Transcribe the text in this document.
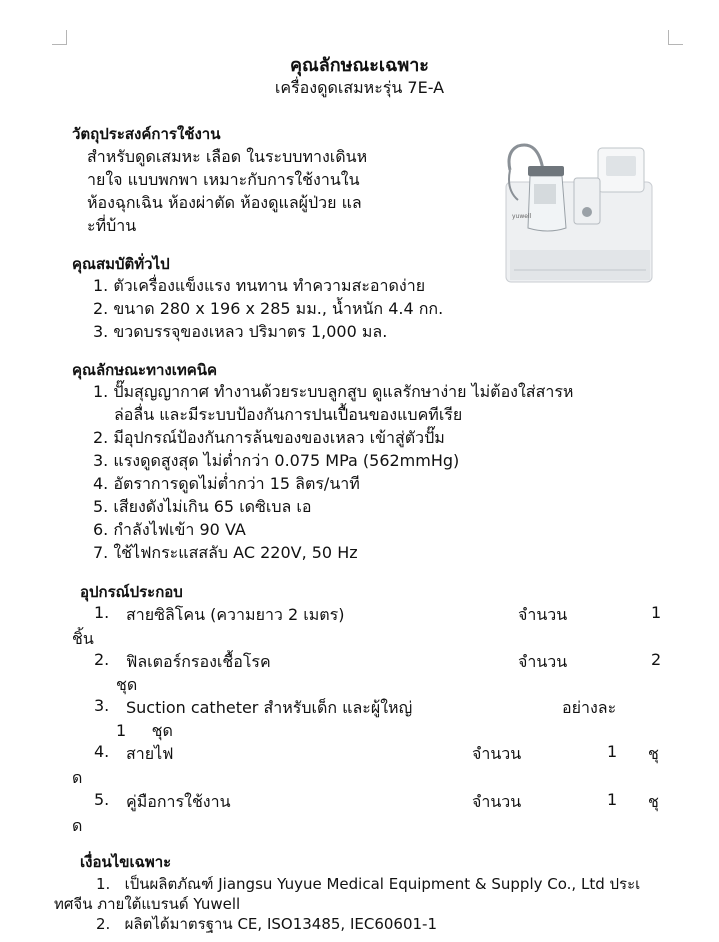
คุณลักษณะเฉพาะ
เครื่องดูดเสมหะรุ่น 7E-A
วัตถุประสงค์การใช้งาน
สำหรับดูดเสมหะ เลือด ในระบบทางเดินห
ายใจ แบบพกพา เหมาะกับการใช้งานใน
ห้องฉุกเฉิน ห้องผ่าตัด ห้องดูแลผู้ป่วย แล
ะที่บ้าน	yuwell
คุณสมบัติทั่วไป
1. ตัวเครื่องแข็งแรง ทนทาน ทำความสะอาดง่าย
2. ขนาด 280 x 196 x 285 มม., น้ำหนัก 4.4 กก.
3. ขวดบรรจุของเหลว ปริมาตร 1,000 มล.
คุณลักษณะทางเทคนิค
1. ปั๊มสุญญากาศ ทำงานด้วยระบบลูกสูบ ดูแลรักษาง่าย ไม่ต้องใส่สารห
ล่อลื่น และมีระบบป้องกันการปนเปื้อนของแบคทีเรีย
2. มีอุปกรณ์ป้องกันการล้นของของเหลว เข้าสู่ตัวปั๊ม
3. แรงดูดสูงสุด ไม่ต่ำกว่า 0.075 MPa (562mmHg)
4. อัตราการดูดไม่ต่ำกว่า 15 ลิตร/นาที
5. เสียงดังไม่เกิน 65 เดซิเบล เอ
6. กำลังไฟเข้า 90 VA
7. ใช้ไฟกระแสสลับ AC 220V, 50 Hz
อุปกรณ์ประกอบ
1. สายซิลิโคน (ความยาว 2 เมตร)	จำนวน	1
ชิ้น
2. ฟิลเตอร์กรองเชื้อโรค	จำนวน	2
ชุด
3. Suction catheter สำหรับเด็ก และผู้ใหญ่	อย่างละ
1     ชุด
4. สายไฟ	จำนวน	1 ชุ
ด
5. คู่มือการใช้งาน	จำนวน	1 ชุ
ด
เงื่อนไขเฉพาะ
1.   เป็นผลิตภัณฑ์ Jiangsu Yuyue Medical Equipment & Supply Co., Ltd ประเ
ทศจีน ภายใต้แบรนด์ Yuwell
2.   ผลิตได้มาตรฐาน CE, ISO13485, IEC60601-1
